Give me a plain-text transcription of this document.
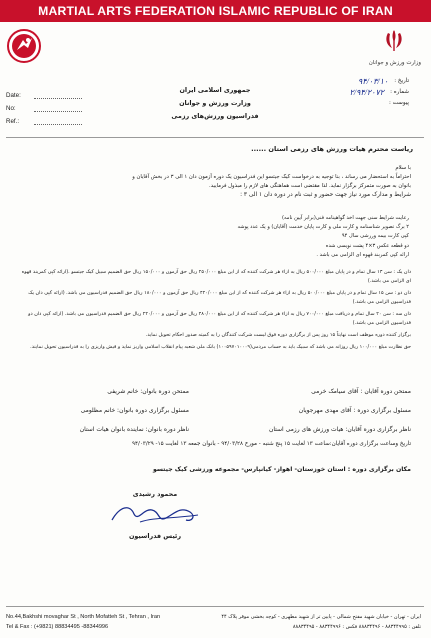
MARTIAL ARTS FEDERATION ISLAMIC REPUBLIC OF IRAN
وزارت ورزش و جوانان
Date:
No:
Ref.:
جمهوری اسلامی ایران
وزارت ورزش و جوانان
فدراسیون ورزش‌های رزمی
تاریخ :
۹۴/۰۳/۱۰
شماره :
۲/۹۴/۲۰۷۲
پیوست :
ریاست محترم هیات ورزش های رزمی استان ......

با سلام

احتراماً به استحضار می رساند ، بنا توجیه به درخواست کیک جیتسو این فدراسیون یک دوره آزمون دان ۱ الی ۳ در بخش آقایان و

بانوان به صورت متمرکز برگزار نماید. لذا مقتضی است هماهنگی های لازم را مبذول فرمایید.

شرایط و مدارک مورد نیاز جهت حضور و ثبت نام در دوره دان ۱ الی ۳ :

رعایت شرایط سنی جهت اخذ گواهینامه فنی(برابر آیین نامه)
۲ برگ تصویر شناسنامه و کارت ملی و کارت پایان خدمت (آقایان) و یک عدد پوشه
کپی کارت بیمه ورزشی سال ۹۴
دو قطعه عکس ۳×۴ پشت نویسی شده
ارائه کپی کمربند قهوه ای الزامی می باشد .
دان یک : سن ۱۳ سال تمام و در پایان مبلغ ۵۰۰/۰۰۰ ریال به ازاء هر شرکت کننده که از این مبلغ ۲۵۰/۰۰۰ ریال حق آزمون و ۱۵۰/۰۰۰ ریال حق الضمیم سبیل کیک جیتسو .(ارائه کپی کمربند قهوه ای الزامی می باشد.)
دان دو : سن ۱۵ سال تمام و در پایان مبلغ ۵۰۰/۰۰۰ ریال به ازاء هر شرکت کننده که از این مبلغ ۴۲۰/۰۰۰ ریال حق آزمون و ۱۸۰/۰۰۰ ریال حق الضمیم فدراسیون می باشد. (ارائه کپی دان یک فدراسیون الزامی می باشد.)
دان سه : سن ۲۰ سال تمام و دریافت مبلغ ۷۰۰/۰۰۰ ریال به ازاء هر شرکت کننده که از این مبلغ ۴۸۰/۰۰۰ ریال حق آزمون و ۲۲۰/۰۰۰ ریال حق الضمیم فدراسیون می باشد. (ارائه کپی دان دو فدراسیون الزامی می باشد.)
برگزار کننده دوره موظف است نهایتاً ۱۵ روز پس از برگزاری دوره فوق لیست شرکت کنندگان را به کمیته صدور احکام تحویل نماید.
حق نظارت مبلغ ۱۰۰/۰۰۰ ریال روزانه می باشد که سبیک باید به حساب مردمی(۱۰۰۵۹۷۰۱۰۰۰۹) بانک ملی شعبه پیام انقلاب اسلامی واریز نماید و فیش واریزی را به فدراسیون تحویل نمایند.
ممتحن دوره آقایان : آقای سیامک خرمی
ممتحن دوره بانوان: خانم شریفی
مسئول برگزاری دوره : آقای مهدی مهرجویان
مسئول برگزاری دوره بانوان: خانم مظلومی
ناظر برگزاری دوره آقایان: هیات ورزش های رزمی استان
ناظر دوره بانوان: نماینده بانوان هیات استان
تاریخ وساعت برگزاری دوره آقایان:ساعت ۱۳ لغایت ۱۵ پنج شنبه - مورخ ۹۴/۰۳/۲۸ - بانوان جمعه ۱۳ لغایت ۱۵- ۹۴/۰۳/۲۹
مکان برگزاری دوره : استان خوزستان- اهواز- کیانپارس- مجموعه ورزشی کیک جیتسو
محمود رشیدی
رئیس فدراسیون
No.44,Bakhshi movaghar St , North Mofatteh St , Tehran , Iran
Tel & Fax : (+9821) 88834495 -88344996
ایران - تهران - خیابان شهید مفتح شمالی - پایین تر از شهید مطهری - کوچه بخشی موقر پلاک ۴۴
تلفن : ۸۸۳۴۴۹۹۵ - ۸۸۸۳۴۴۹۶ فکس : ۸۸۳۴۴۹۹۶ - ۸۸۸۳۴۴۹۵
